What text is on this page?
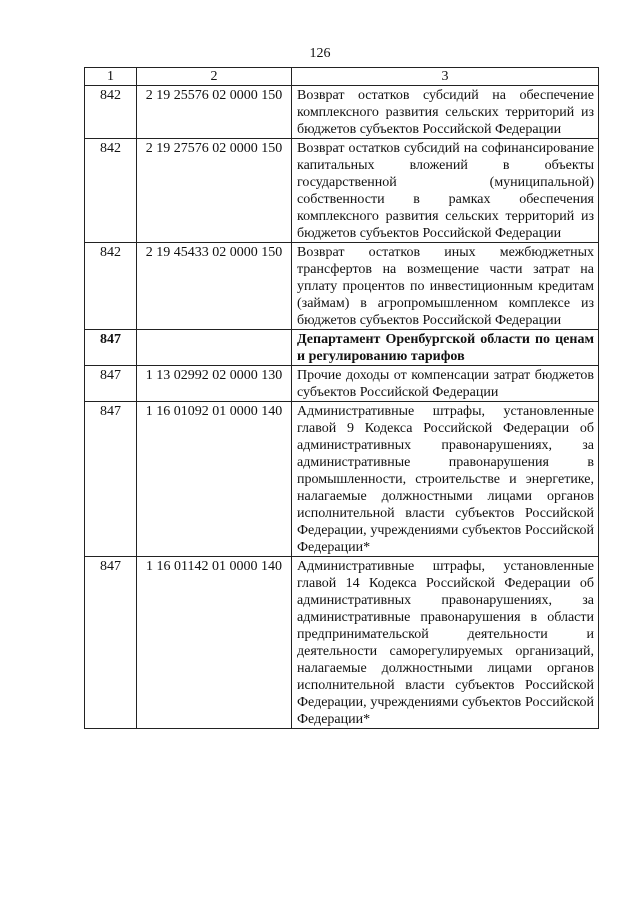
126
1	2	3
842	2 19 25576 02 0000 150	Возврат остатков субсидий на обеспечение комплексного развития сельских территорий из бюджетов субъектов Российской Федерации
842	2 19 27576 02 0000 150	Возврат остатков субсидий на софинансирование капитальных вложений в объекты государственной (муниципальной) собственности в рамках обеспечения комплексного развития сельских территорий из бюджетов субъектов Российской Федерации
842	2 19 45433 02 0000 150	Возврат остатков иных межбюджетных трансфертов на возмещение части затрат на уплату процентов по инвестиционным кредитам (займам) в агропромышленном комплексе из бюджетов субъектов Российской Федерации
847		Департамент Оренбургской области по ценам и регулированию тарифов
847	1 13 02992 02 0000 130	Прочие доходы от компенсации затрат бюджетов субъектов Российской Федерации
847	1 16 01092 01 0000 140	Административные штрафы, установленные главой 9 Кодекса Российской Федерации об административных правонарушениях, за административные правонарушения в промышленности, строительстве и энергетике, налагаемые должностными лицами органов исполнительной власти субъектов Российской Федерации, учреждениями субъектов Российской Федерации*
847	1 16 01142 01 0000 140	Административные штрафы, установленные главой 14 Кодекса Российской Федерации об административных правонарушениях, за административные правонарушения в области предпринимательской деятельности и деятельности саморегулируемых организаций, налагаемые должностными лицами органов исполнительной власти субъектов Российской Федерации, учреждениями субъектов Российской Федерации*
